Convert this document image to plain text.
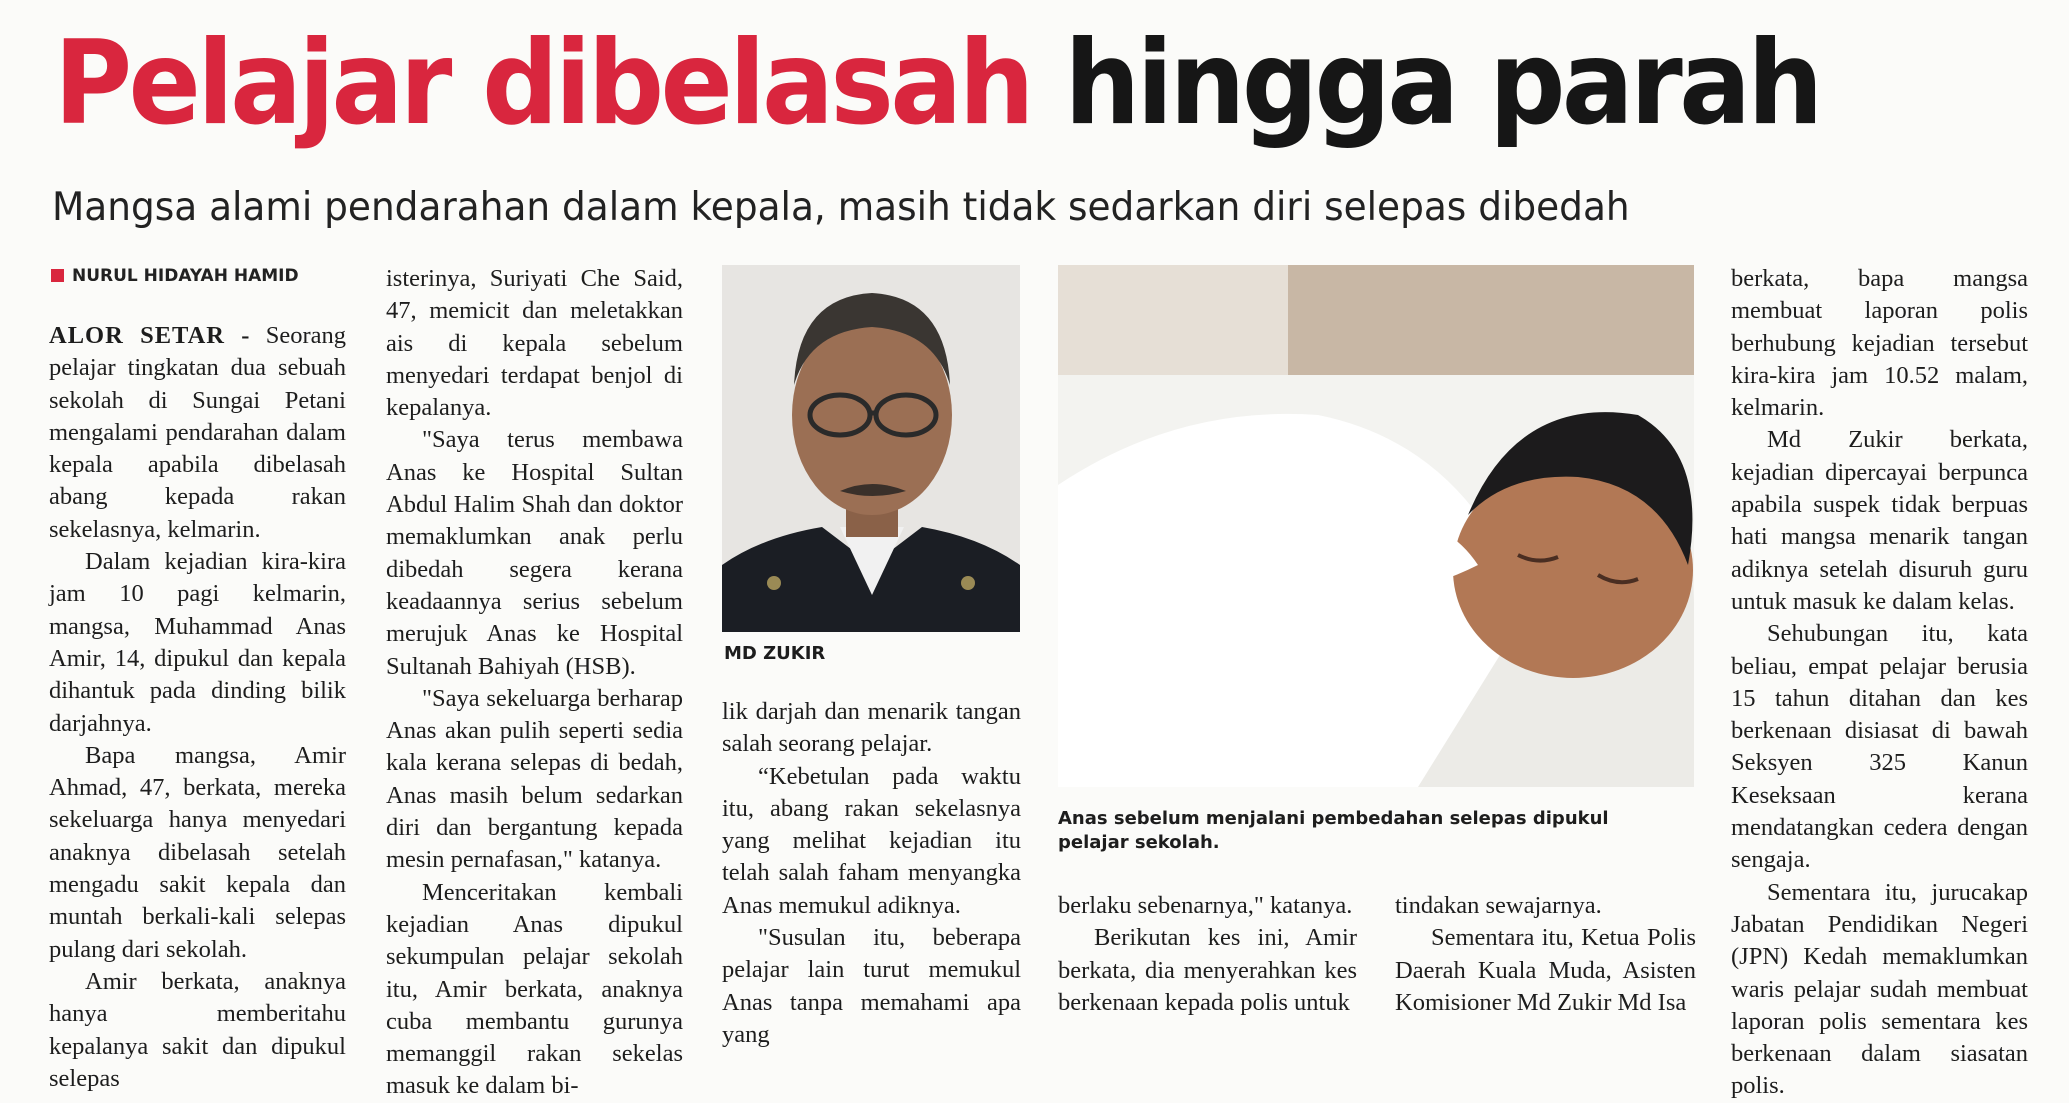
Pelajar dibelasah hingga parah
Mangsa alami pendarahan dalam kepala, masih tidak sedarkan diri selepas dibedah
NURUL HIDAYAH HAMID

ALOR SETAR - Seorang pelajar tingkatan dua sebuah sekolah di Sungai Petani mengalami pendarahan dalam kepala apabila dibelasah abang kepada rakan sekelasnya, kelmarin.

Dalam kejadian kira-kira jam 10 pagi kelmarin, mangsa, Muhammad Anas Amir, 14, dipukul dan kepala dihantuk pada dinding bilik darjahnya.

Bapa mangsa, Amir Ahmad, 47, berkata, mereka sekeluarga hanya menyedari anaknya dibelasah setelah mengadu sakit kepala dan muntah berkali-kali selepas pulang dari sekolah.

Amir berkata, anaknya hanya memberitahu kepalanya sakit dan dipukul selepas

isterinya, Suriyati Che Said, 47, memicit dan meletakkan ais di kepala sebelum menyedari terdapat benjol di kepalanya.

"Saya terus membawa Anas ke Hospital Sultan Abdul Halim Shah dan doktor memaklumkan anak perlu dibedah segera kerana keadaannya serius sebelum merujuk Anas ke Hospital Sultanah Bahiyah (HSB).

"Saya sekeluarga berharap Anas akan pulih seperti sedia kala kerana selepas di bedah, Anas masih belum sedarkan diri dan bergantung kepada mesin pernafasan," katanya.

Menceritakan kembali kejadian Anas dipukul sekumpulan pelajar sekolah itu, Amir berkata, anaknya cuba membantu gurunya memanggil rakan sekelas masuk ke dalam bi-

MD ZUKIR
Anas sebelum menjalani pembedahan selepas dipukul pelajar sekolah.

lik darjah dan menarik tangan salah seorang pelajar.

“Kebetulan pada waktu itu, abang rakan sekelasnya yang melihat kejadian itu telah salah faham menyangka Anas memukul adiknya.

"Susulan itu, beberapa pelajar lain turut memukul Anas tanpa memahami apa yang

berlaku sebenarnya," katanya.

Berikutan kes ini, Amir berkata, dia menyerahkan kes berkenaan kepada polis untuk

tindakan sewajarnya.

Sementara itu, Ketua Polis Daerah Kuala Muda, Asisten Komisioner Md Zukir Md Isa

berkata, bapa mangsa membuat laporan polis berhubung kejadian tersebut kira-kira jam 10.52 malam, kelmarin.

Md Zukir berkata, kejadian dipercayai berpunca apabila suspek tidak berpuas hati mangsa menarik tangan adiknya setelah disuruh guru untuk masuk ke dalam kelas.

Sehubungan itu, kata beliau, empat pelajar berusia 15 tahun ditahan dan kes berkenaan disiasat di bawah Seksyen 325 Kanun Keseksaan kerana mendatangkan cedera dengan sengaja.

Sementara itu, jurucakap Jabatan Pendidikan Negeri (JPN) Kedah memaklumkan waris pelajar sudah membuat laporan polis sementara kes berkenaan dalam siasatan polis.
